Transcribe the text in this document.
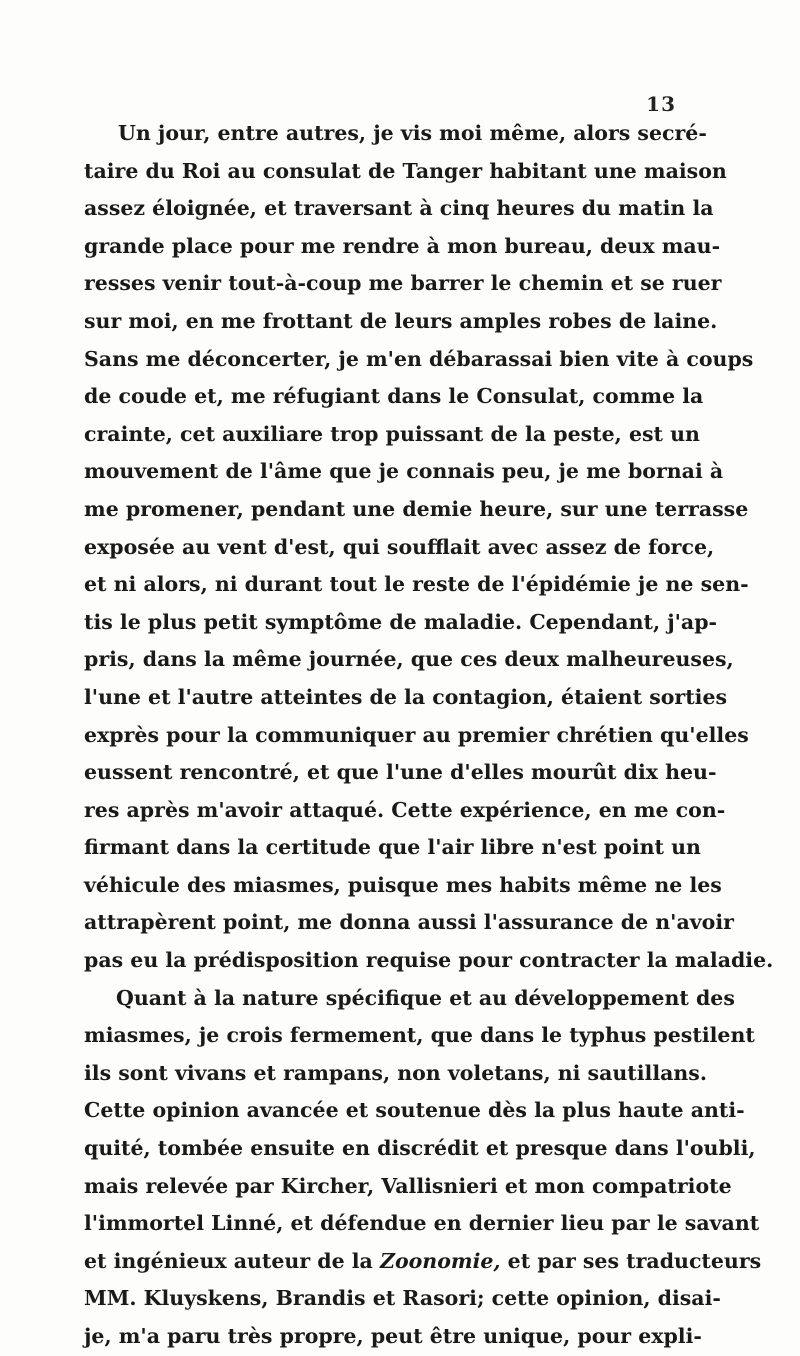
13
Un jour, entre autres, je vis moi même, alors secré-
taire du Roi au consulat de Tanger habitant une maison
assez éloignée, et traversant à cinq heures du matin la
grande place pour me rendre à mon bureau, deux mau-
resses venir tout-à-coup me barrer le chemin et se ruer
sur moi, en me frottant de leurs amples robes de laine.
Sans me déconcerter, je m'en débarassai bien vite à coups
de coude et, me réfugiant dans le Consulat, comme la
crainte, cet auxiliare trop puissant de la peste, est un
mouvement de l'âme que je connais peu, je me bornai à
me promener, pendant une demie heure, sur une terrasse
exposée au vent d'est, qui soufflait avec assez de force,
et ni alors, ni durant tout le reste de l'épidémie je ne sen-
tis le plus petit symptôme de maladie. Cependant, j'ap-
pris, dans la même journée, que ces deux malheureuses,
l'une et l'autre atteintes de la contagion, étaient sorties
exprès pour la communiquer au premier chrétien qu'elles
eussent rencontré, et que l'une d'elles mourût dix heu-
res après m'avoir attaqué. Cette expérience, en me con-
firmant dans la certitude que l'air libre n'est point un
véhicule des miasmes, puisque mes habits même ne les
attrapèrent point, me donna aussi l'assurance de n'avoir
pas eu la prédisposition requise pour contracter la maladie.
Quant à la nature spécifique et au développement des
miasmes, je crois fermement, que dans le typhus pestilent
ils sont vivans et rampans, non voletans, ni sautillans.
Cette opinion avancée et soutenue dès la plus haute anti-
quité, tombée ensuite en discrédit et presque dans l'oubli,
mais relevée par Kircher, Vallisnieri et mon compatriote
l'immortel Linné, et défendue en dernier lieu par le savant
et ingénieux auteur de la Zoonomie, et par ses traducteurs
MM. Kluyskens, Brandis et Rasori; cette opinion, disai-
je, m'a paru très propre, peut être unique, pour expli-
